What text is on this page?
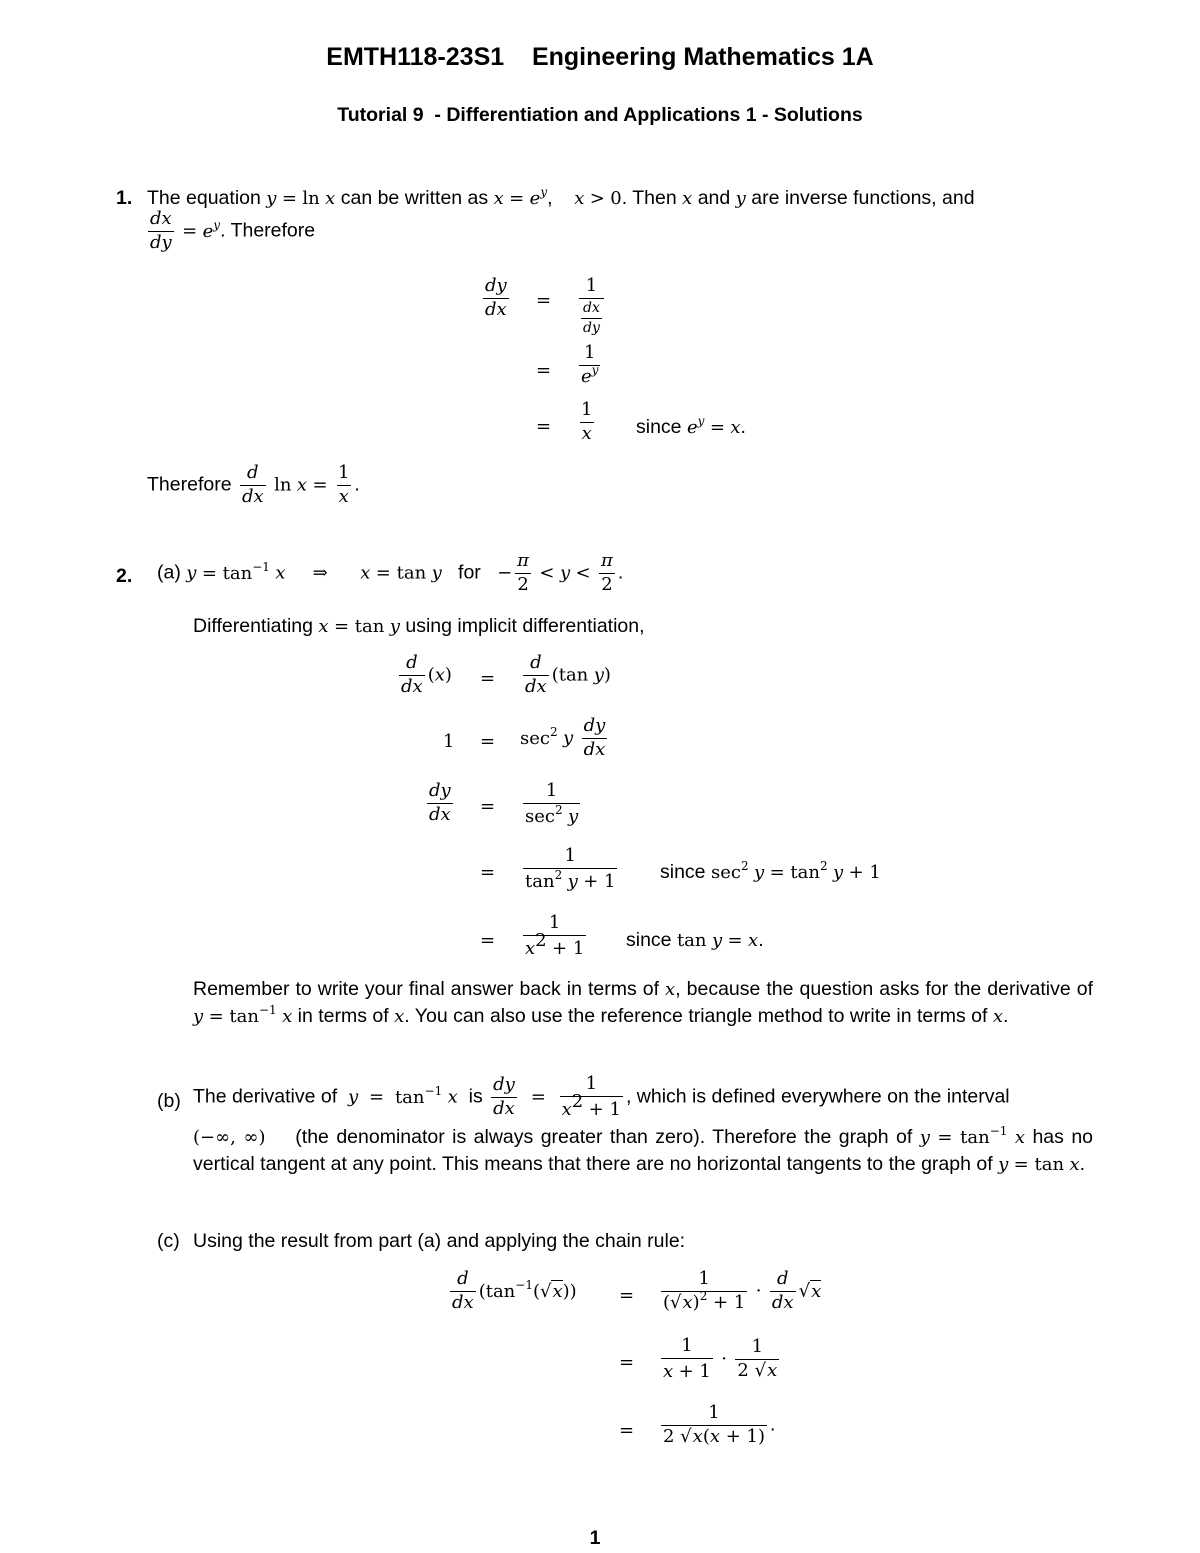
EMTH118-23S1 Engineering Mathematics 1A
Tutorial 9  - Differentiation and Applications 1 - Solutions
1. The equation y = ln x can be written as $x = e^y$,    x > 0. Then x and y are inverse functions, and
$\frac{dx}{dy} = e^y$. Therefore
$\frac{dy}{dx} = \frac{1}{\frac{dx}{dy}}$
= $\frac{1}{e^y}$
= $\frac{1}{x}$ since $e^y = x$.
Therefore $\frac{d}{dx}$ $\ln x = \frac{1}{x}$ .
2. (a) $y = \tan^{-1} x$ ⇒ x = tan y for − $\frac{\pi}{2} < y < \frac{\pi}{2}$ .
Differentiating x = tan y using implicit differentiation,
$\frac{d}{dx} (x) = \frac{d}{dx} (\tan$ y)
$1 = \sec^2 y \frac{dy}{dx}$
$\frac{dy}{dx} = \frac{1}{\sec^2 y}$
= $\frac{1}{\tan^2 y + 1}$ since $\sec^2 y = \tan^2 y + 1$
= $\frac{1}{x^2 + 1}$ since tan y = x.
Remember to write your final answer back in terms of x, because the question asks for the derivative of $y = \tan^{-1} x$ in terms of x. You can also use the reference triangle method to write in terms of x.
(b) The derivative of $y = \tan^{-1} x$ is $\frac{dy}{dx} = \frac{1}{x^2 + 1}$ , which is defined everywhere on the interval
(−∞, ∞) (the denominator is always greater than zero). Therefore the graph of $y = \tan^{-1} x$ has no vertical tangent at any point. This means that there are no horizontal tangents to the graph of y = tan x.
(c) Using the result from part (a) and applying the chain rule:
$\frac{d}{dx} (\tan^{-1}(√x)) = \frac{1}{(√x)^2 + 1} \cdot \frac{d}{dx} √x$
= $\frac{1}{x + 1} \cdot \frac{1}{2 √x}$
= $\frac{1}{2 √x(x + 1)}$ .
1
